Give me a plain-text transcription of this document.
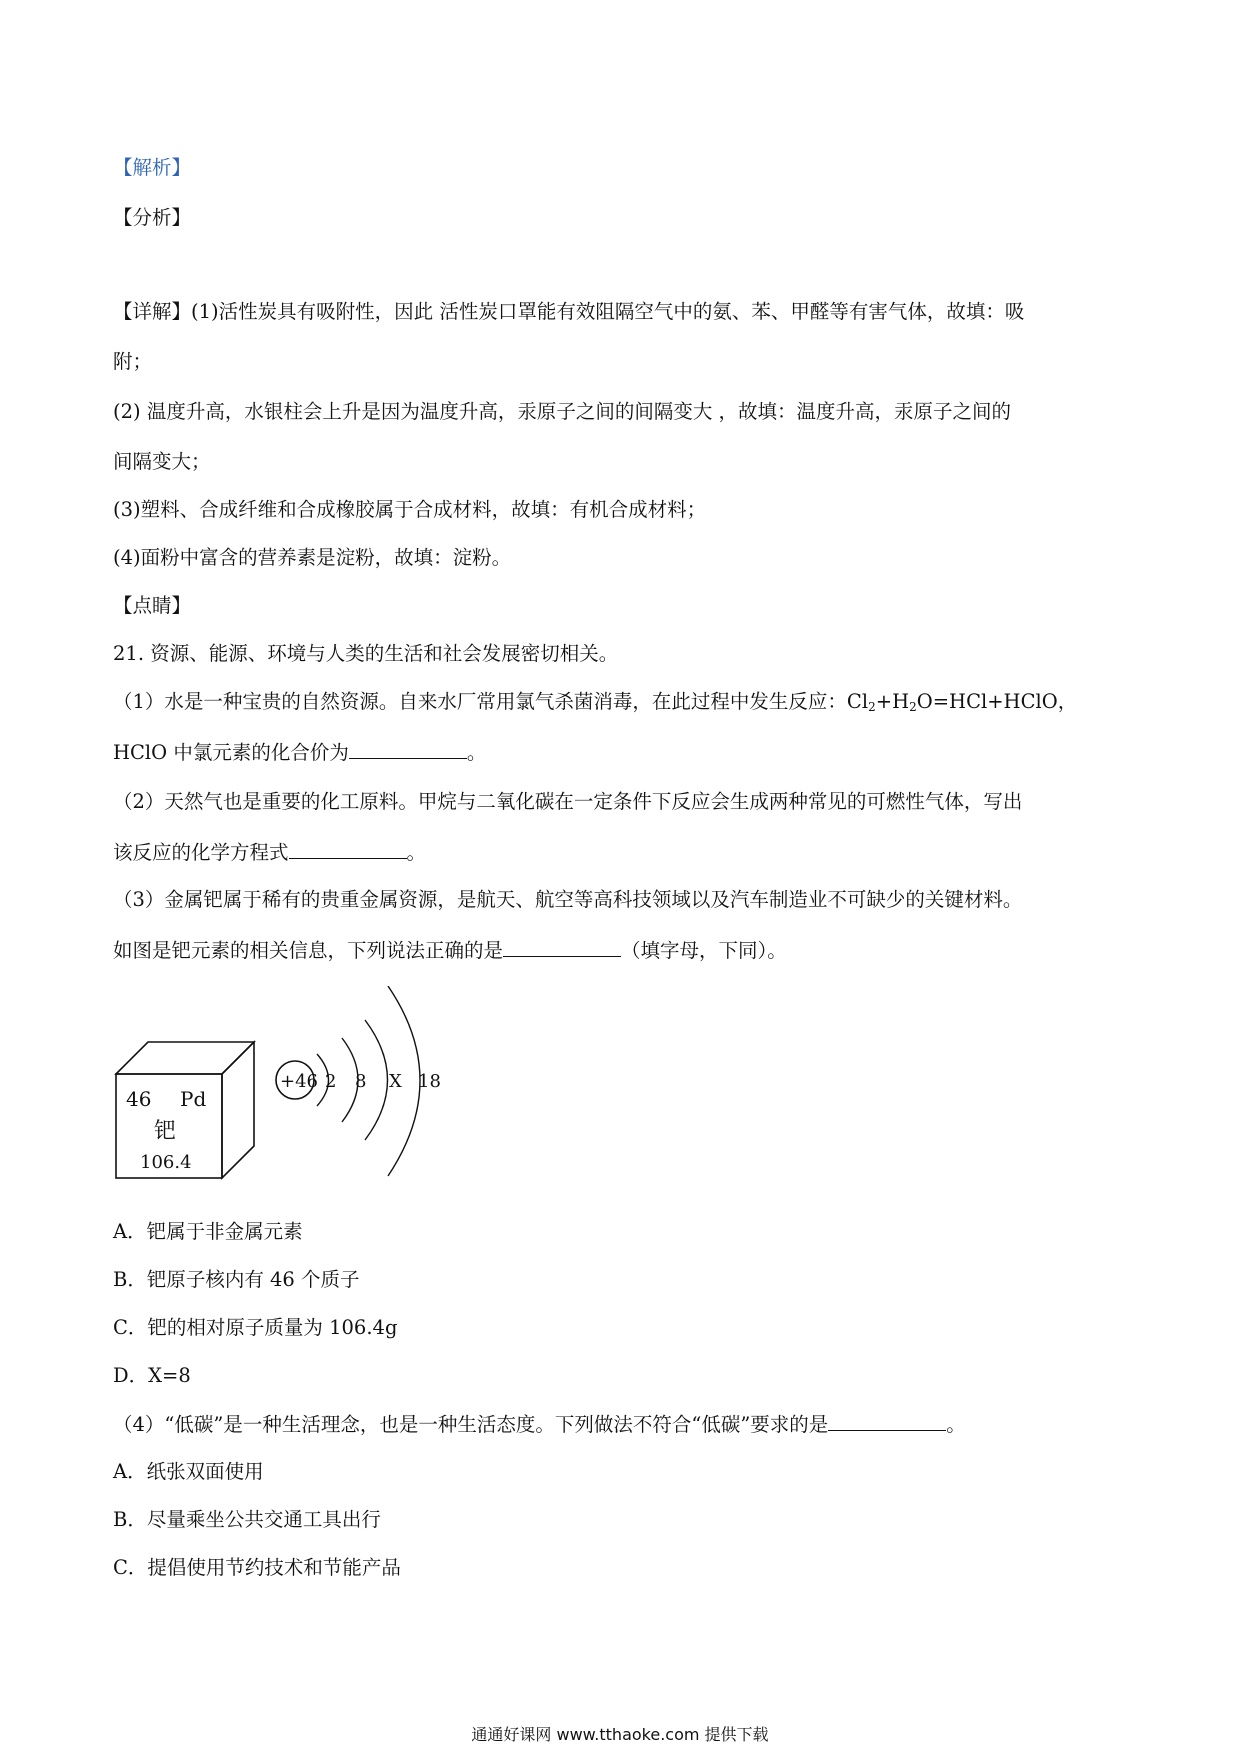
【解析】
【分析】
【详解】(1)活性炭具有吸附性，因此 活性炭口罩能有效阻隔空气中的氨、苯、甲醛等有害气体，故填：吸
附；
(2) 温度升高，水银柱会上升是因为温度升高，汞原子之间的间隔变大 ，故填：温度升高，汞原子之间的
间隔变大；
(3)塑料、合成纤维和合成橡胶属于合成材料，故填：有机合成材料；
(4)面粉中富含的营养素是淀粉，故填：淀粉。
【点睛】
21. 资源、能源、环境与人类的生活和社会发展密切相关。
（1）水是一种宝贵的自然资源。自来水厂常用氯气杀菌消毒，在此过程中发生反应：$Cl_2+H_2O=HCl+HClO$，
HClO 中氯元素的化合价为	。
（2）天然气也是重要的化工原料。甲烷与二氧化碳在一定条件下反应会生成两种常见的可燃性气体，写出
该反应的化学方程式	。
（3）金属钯属于稀有的贵重金属资源，是航天、航空等高科技领域以及汽车制造业不可缺少的关键材料。
如图是钯元素的相关信息，下列说法正确的是	（填字母，下同）。
46 Pd
钯
106.4
+46 2 8 X 18
A．钯属于非金属元素
B．钯原子核内有 46 个质子
C．钯的相对原子质量为 106.4g
D．X=8
（4）“低碳”是一种生活理念，也是一种生活态度。下列做法不符合“低碳”要求的是	。
A．纸张双面使用
B．尽量乘坐公共交通工具出行
C．提倡使用节约技术和节能产品
通通好课网 www.tthaoke.com 提供下载
